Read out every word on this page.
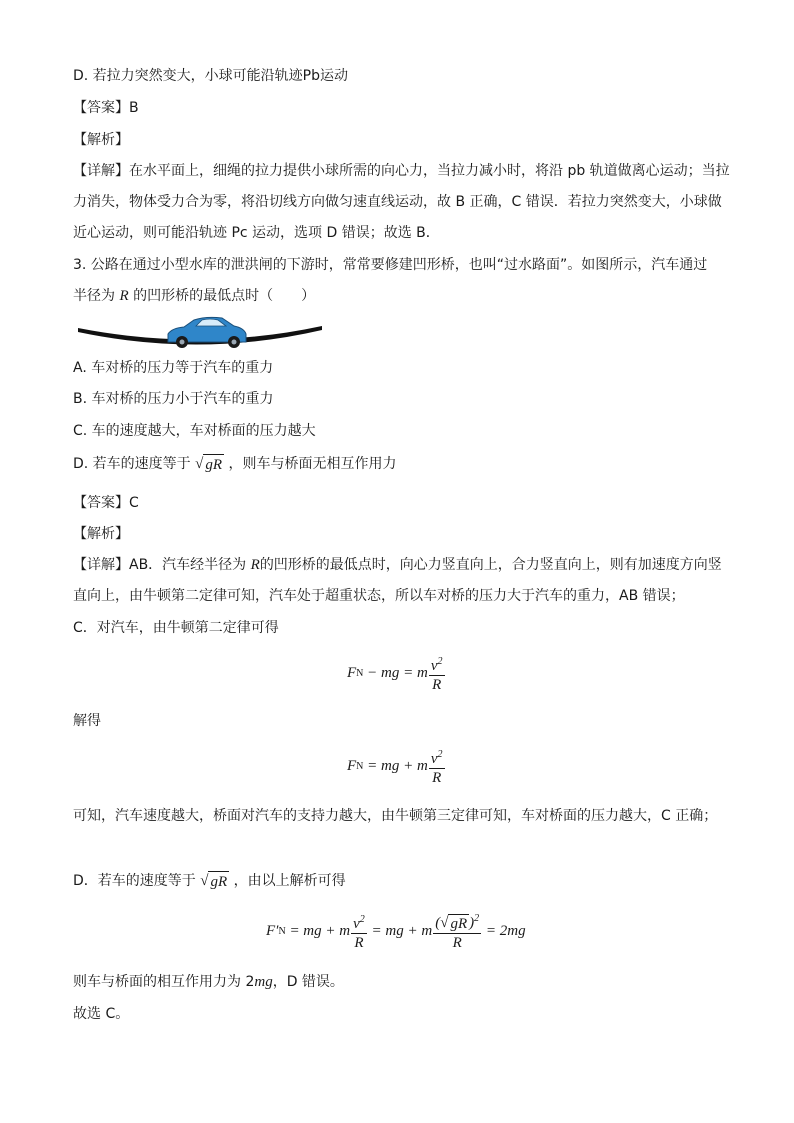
D. 若拉力突然变大，小球可能沿轨迹Pb运动
【答案】B
【解析】
【详解】在水平面上，细绳的拉力提供小球所需的向心力，当拉力减小时，将沿 pb 轨道做离心运动；当拉
力消失，物体受力合为零，将沿切线方向做匀速直线运动，故 B 正确，C 错误．若拉力突然变大，小球做
近心运动，则可能沿轨迹 Pc 运动，选项 D 错误；故选 B．
3. 公路在通过小型水库的泄洪闸的下游时，常常要修建凹形桥，也叫“过水路面”。如图所示，汽车通过
半径为 R 的凹形桥的最低点时（　　）
A. 车对桥的压力等于汽车的重力
B. 车对桥的压力小于汽车的重力
C. 车的速度越大，车对桥面的压力越大
D. 若车的速度等于 √ gR ，则车与桥面无相互作用力
【答案】C
【解析】
【详解】AB．汽车经半径为 R的凹形桥的最低点时，向心力竖直向上，合力竖直向上，则有加速度方向竖
直向上，由牛顿第二定律可知，汽车处于超重状态，所以车对桥的压力大于汽车的重力，AB 错误；
C．对汽车，由牛顿第二定律可得
F N − mg = m $\frac{v^2}{R}$
解得
F N = mg + m $\frac{v^2}{R}$
可知，汽车速度越大，桥面对汽车的支持力越大，由牛顿第三定律可知，车对桥面的压力越大，C 正确；
D．若车的速度等于 √ gR ，由以上解析可得
F′ N = mg + m $\frac{v^2}{R}$ = mg + m $\frac{( √ gR )^2}{R} = 2mg$
则车与桥面的相互作用力为 2mg，D 错误。
故选 C。
